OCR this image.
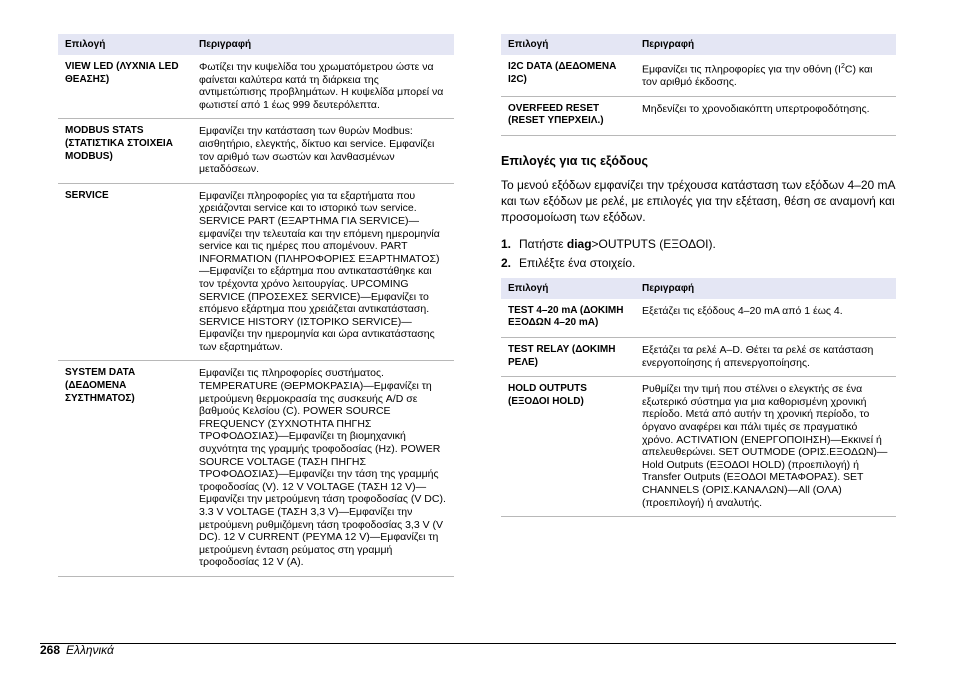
Επιλογή	Περιγραφή
VIEW LED (ΛΥΧΝΙΑ LED ΘΕΑΣΗΣ)	Φωτίζει την κυψελίδα του χρωματόμετρου ώστε να φαίνεται καλύτερα κατά τη διάρκεια της αντιμετώπισης προβλημάτων. Η κυψελίδα μπορεί να φωτιστεί από 1 έως 999 δευτερόλεπτα.
MODBUS STATS (ΣΤΑΤΙΣΤΙΚΑ ΣΤΟΙΧΕΙΑ MODBUS)	Εμφανίζει την κατάσταση των θυρών Modbus: αισθητήριο, ελεγκτής, δίκτυο και service. Εμφανίζει τον αριθμό των σωστών και λανθασμένων μεταδόσεων.
SERVICE	Εμφανίζει πληροφορίες για τα εξαρτήματα που χρειάζονται service και το ιστορικό των service. SERVICE PART (ΕΞΑΡΤΗΜΑ ΓΙΑ SERVICE)—εμφανίζει την τελευταία και την επόμενη ημερομηνία service και τις ημέρες που απομένουν. PART INFORMATION (ΠΛΗΡΟΦΟΡΙΕΣ ΕΞΑΡΤΗΜΑΤΟΣ)—Εμφανίζει το εξάρτημα που αντικαταστάθηκε και τον τρέχοντα χρόνο λειτουργίας. UPCOMING SERVICE (ΠΡΟΣΕΧΕΣ SERVICE)—Εμφανίζει το επόμενο εξάρτημα που χρειάζεται αντικατάσταση. SERVICE HISTORY (ΙΣΤΟΡΙΚΟ SERVICE)—Εμφανίζει την ημερομηνία και ώρα αντικατάστασης των εξαρτημάτων.
SYSTEM DATA (ΔΕΔΟΜΕΝΑ ΣΥΣΤΗΜΑΤΟΣ)	Εμφανίζει τις πληροφορίες συστήματος. TEMPERATURE (ΘΕΡΜΟΚΡΑΣΙΑ)—Εμφανίζει τη μετρούμενη θερμοκρασία της συσκευής A/D σε βαθμούς Κελσίου (C). POWER SOURCE FREQUENCY (ΣΥΧΝΟΤΗΤΑ ΠΗΓΗΣ ΤΡΟΦΟΔΟΣΙΑΣ)—Εμφανίζει τη βιομηχανική συχνότητα της γραμμής τροφοδοσίας (Hz). POWER SOURCE VOLTAGE (ΤΑΣΗ ΠΗΓΗΣ ΤΡΟΦΟΔΟΣΙΑΣ)—Εμφανίζει την τάση της γραμμής τροφοδοσίας (V). 12 V VOLTAGE (ΤΑΣΗ 12 V)—Εμφανίζει την μετρούμενη τάση τροφοδοσίας (V DC). 3.3 V VOLTAGE (ΤΑΣΗ 3,3 V)—Εμφανίζει την μετρούμενη ρυθμιζόμενη τάση τροφοδοσίας 3,3 V (V DC). 12 V CURRENT (ΡΕΥΜΑ 12 V)—Εμφανίζει τη μετρούμενη ένταση ρεύματος στη γραμμή τροφοδοσίας 12 V (A).
Επιλογή	Περιγραφή
I2C DATA (ΔΕΔΟΜΕΝΑ I2C)	Εμφανίζει τις πληροφορίες για την οθόνη $(I^2C)$ και τον αριθμό έκδοσης.
OVERFEED RESET (RESET ΥΠΕΡΧΕΙΛ.)	Μηδενίζει το χρονοδιακόπτη υπερτροφοδότησης.
Επιλογές για τις εξόδους

Το μενού εξόδων εμφανίζει την τρέχουσα κατάσταση των εξόδων 4–20 mA και των εξόδων με ρελέ, με επιλογές για την εξέταση, θέση σε αναμονή και προσομοίωση των εξόδων.

1. Πατήστε diag>OUTPUTS (ΕΞΟΔΟΙ).
2. Επιλέξτε ένα στοιχείο.
Επιλογή	Περιγραφή
TEST 4–20 mA (ΔΟΚΙΜΗ ΕΞΟΔΩΝ 4–20 mA)	Εξετάζει τις εξόδους 4–20 mA από 1 έως 4.
TEST RELAY (ΔΟΚΙΜΗ ΡΕΛΕ)	Εξετάζει τα ρελέ A–D. Θέτει τα ρελέ σε κατάσταση ενεργοποίησης ή απενεργοποίησης.
HOLD OUTPUTS (ΕΞΟΔΟΙ HOLD)	Ρυθμίζει την τιμή που στέλνει ο ελεγκτής σε ένα εξωτερικό σύστημα για μια καθορισμένη χρονική περίοδο. Μετά από αυτήν τη χρονική περίοδο, το όργανο αναφέρει και πάλι τιμές σε πραγματικό χρόνο. ACTIVATION (ΕΝΕΡΓΟΠΟΙΗΣΗ)—Εκκινεί ή απελευθερώνει. SET OUTMODE (ΟΡΙΣ.ΕΞΟΔΩΝ)—Hold Outputs (ΕΞΟΔΟΙ HOLD) (προεπιλογή) ή Transfer Outputs (ΕΞΟΔΟΙ ΜΕΤΑΦΟΡΑΣ). SET CHANNELS (ΟΡΙΣ.ΚΑΝΑΛΩΝ)—All (ΟΛΑ) (προεπιλογή) ή αναλυτής.
268 Ελληνικά
